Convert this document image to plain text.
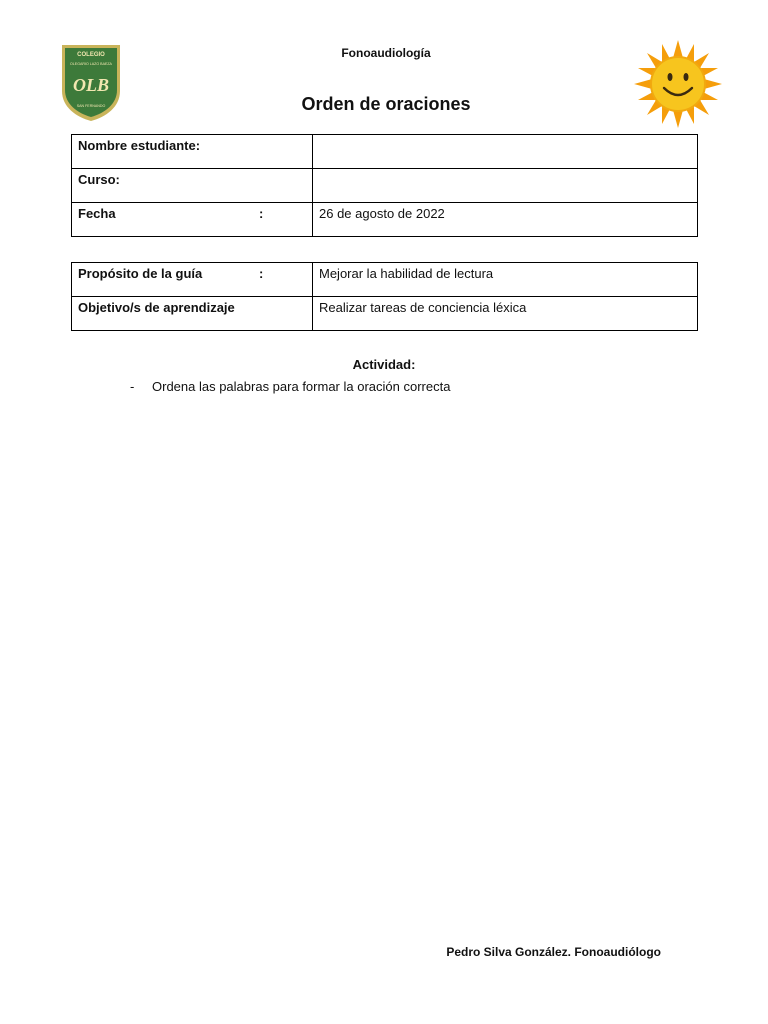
COLEGIO
OLEGARIO LAZO BAEZA
OLB
SAN FERNANDO
Fonoaudiología
Orden de oraciones
Nombre estudiante:

Curso:

Fecha :	26 de agosto de 2022
Propósito de la guía :	Mejorar la habilidad de lectura
Objetivo/s de aprendizaje	Realizar tareas de conciencia léxica
Actividad:
- Ordena las palabras para formar la oración correcta
Pedro Silva González. Fonoaudiólogo
